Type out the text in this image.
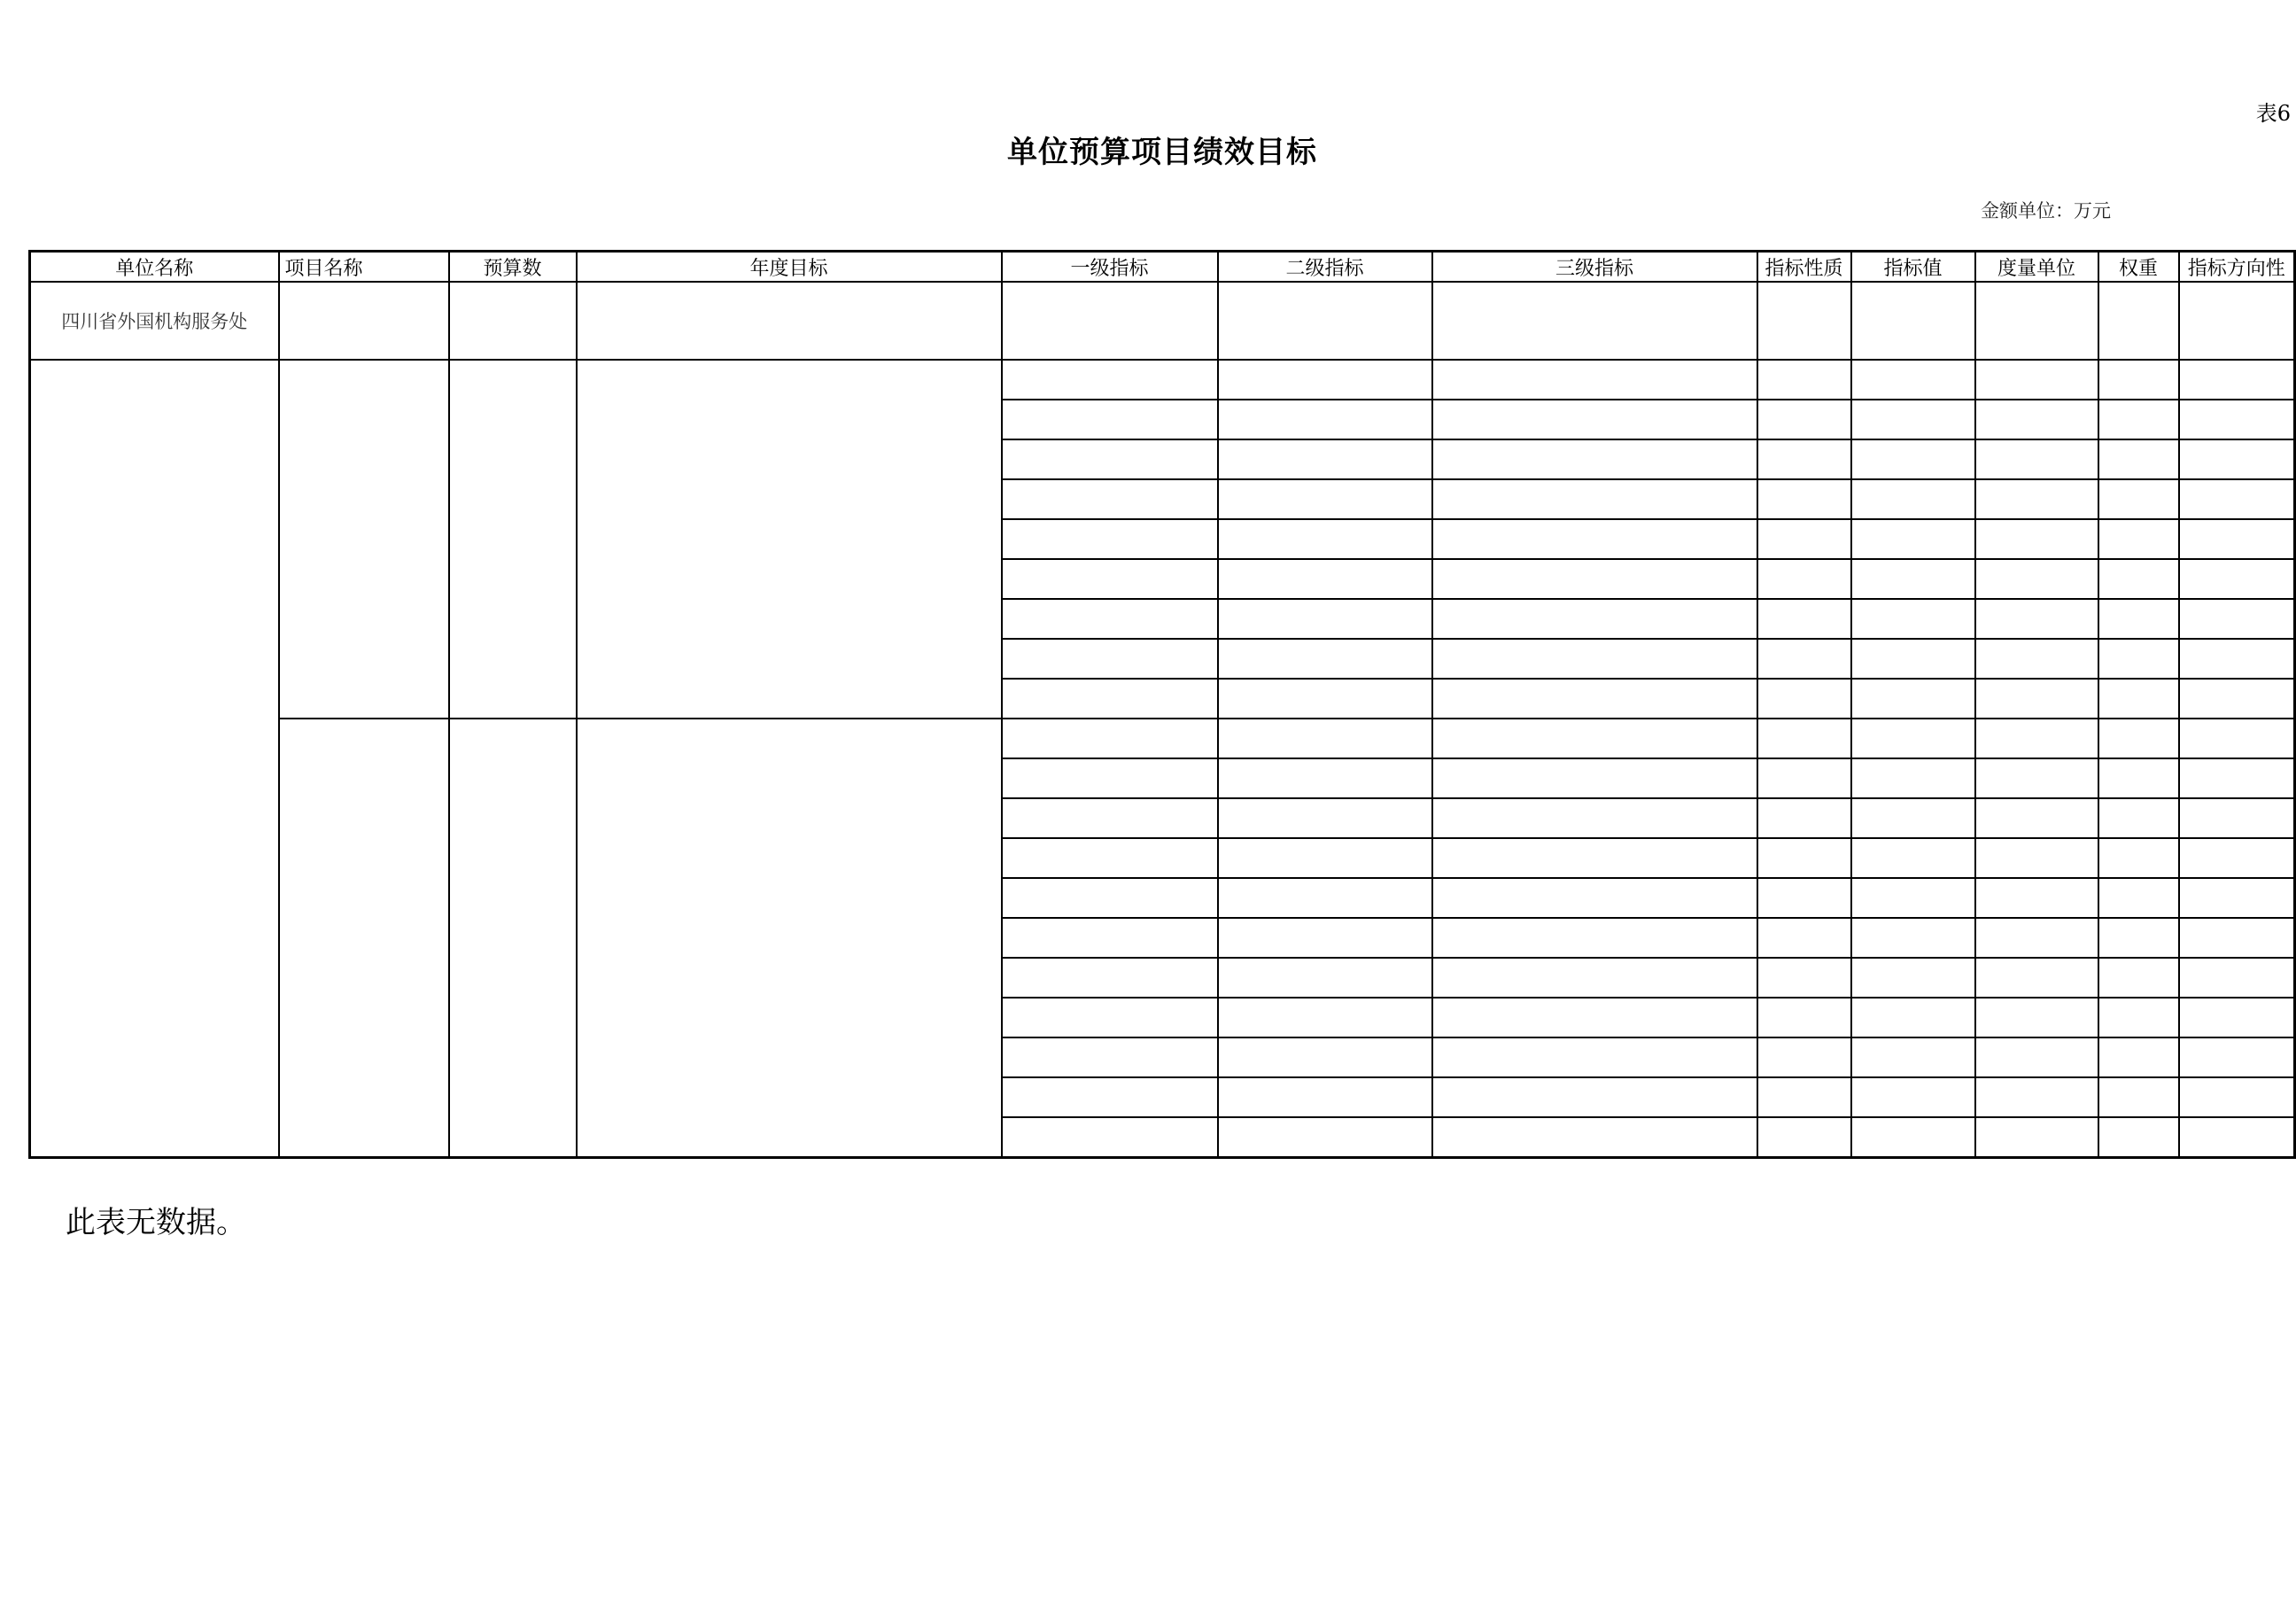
表6
单位预算项目绩效目标
金额单位：万元
单位名称	项目名称	预算数	年度目标	一级指标	二级指标	三级指标	指标性质	指标值	度量单位	权重	指标方向性
四川省外国机构服务处											

此表无数据。
